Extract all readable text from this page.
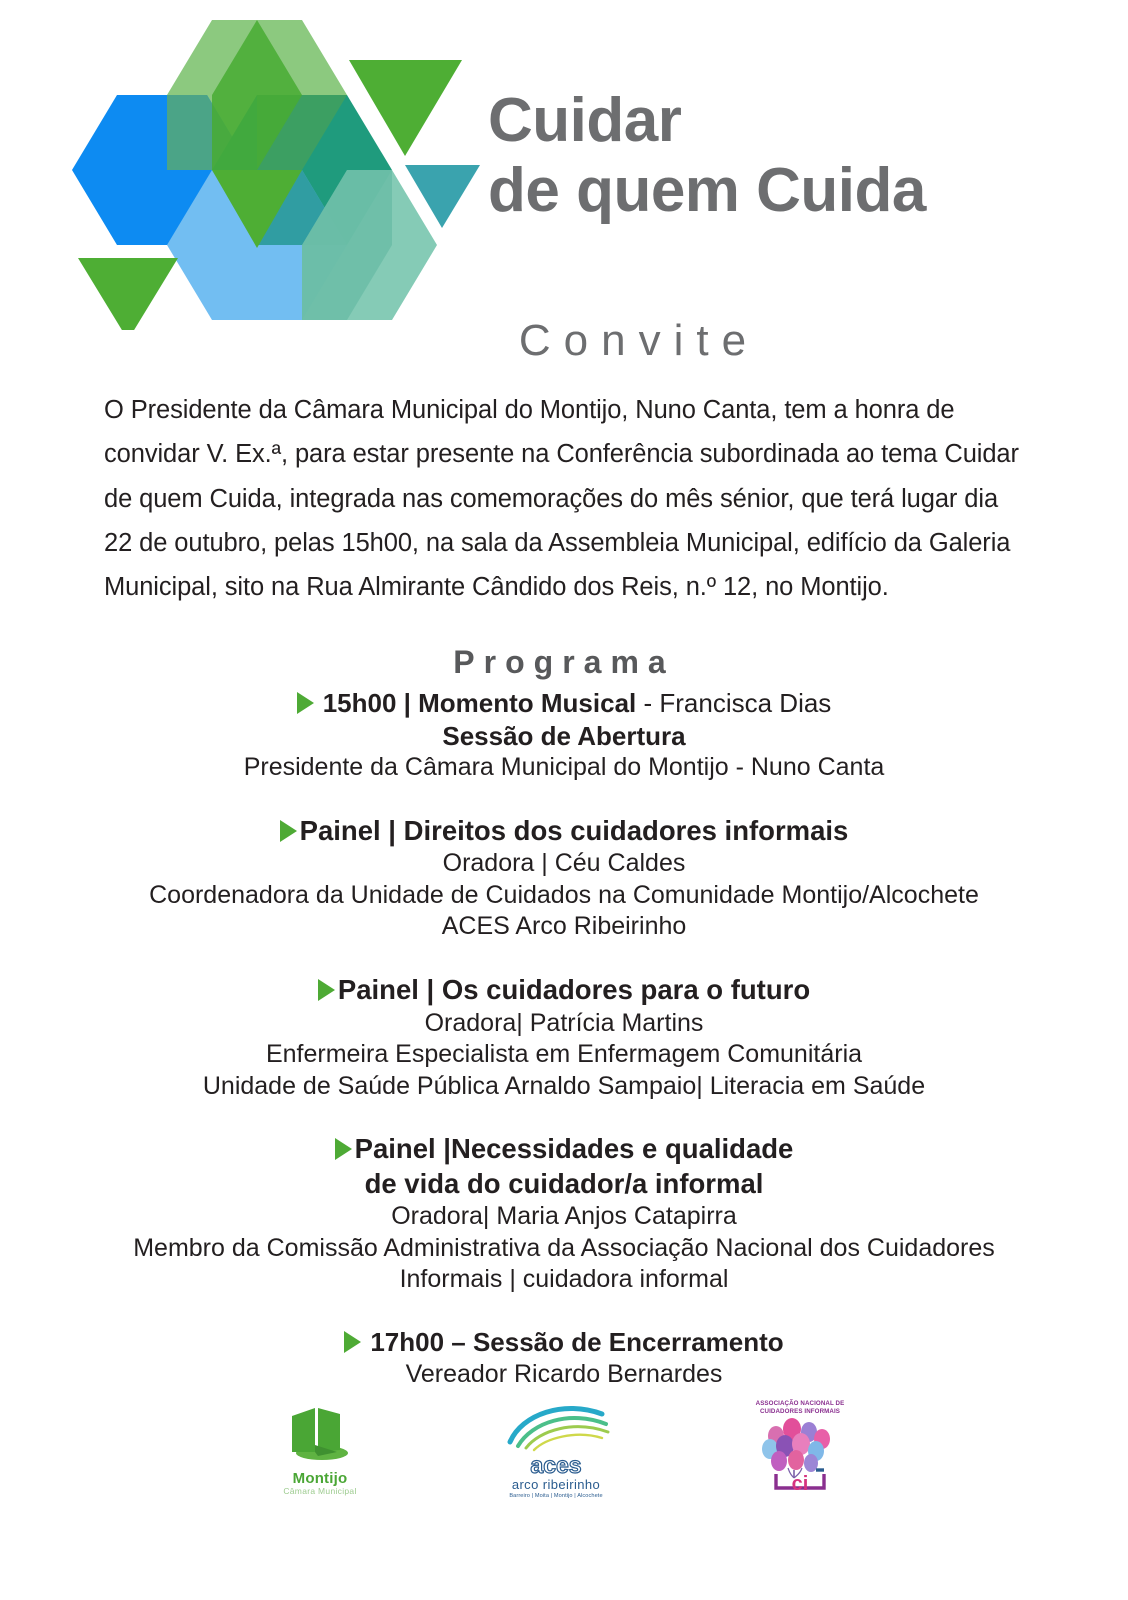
Cuidar
de quem Cuida
Convite

O Presidente da Câmara Municipal do Montijo, Nuno Canta, tem a honra de convidar V. Ex.ª, para estar presente na Conferência subordinada ao tema Cuidar de quem Cuida, integrada nas comemorações do mês sénior, que terá lugar dia 22 de outubro, pelas 15h00, na sala da Assembleia Municipal, edifício da Galeria Municipal, sito na Rua Almirante Cândido dos Reis, n.º 12, no Montijo.

Programa
15h00 | Momento Musical - Francisca Dias
Sessão de Abertura
Presidente da Câmara Municipal do Montijo - Nuno Canta
Painel | Direitos dos cuidadores informais
Oradora | Céu Caldes
Coordenadora da Unidade de Cuidados na Comunidade Montijo/Alcochete
ACES Arco Ribeirinho
Painel | Os cuidadores para o futuro
Oradora| Patrícia Martins
Enfermeira Especialista em Enfermagem Comunitária
Unidade de Saúde Pública Arnaldo Sampaio| Literacia em Saúde
Painel |Necessidades e qualidade
de vida do cuidador/a informal
Oradora| Maria Anjos Catapirra
Membro da Comissão Administrativa da Associação Nacional dos Cuidadores
Informais | cuidadora informal
17h00 – Sessão de Encerramento
Vereador Ricardo Bernardes
Montijo
Câmara Municipal
aces
arco ribeirinho
Barreiro | Moita | Montijo | Alcochete
ASSOCIAÇÃO NACIONAL DE
CUIDADORES INFORMAIS
ci
